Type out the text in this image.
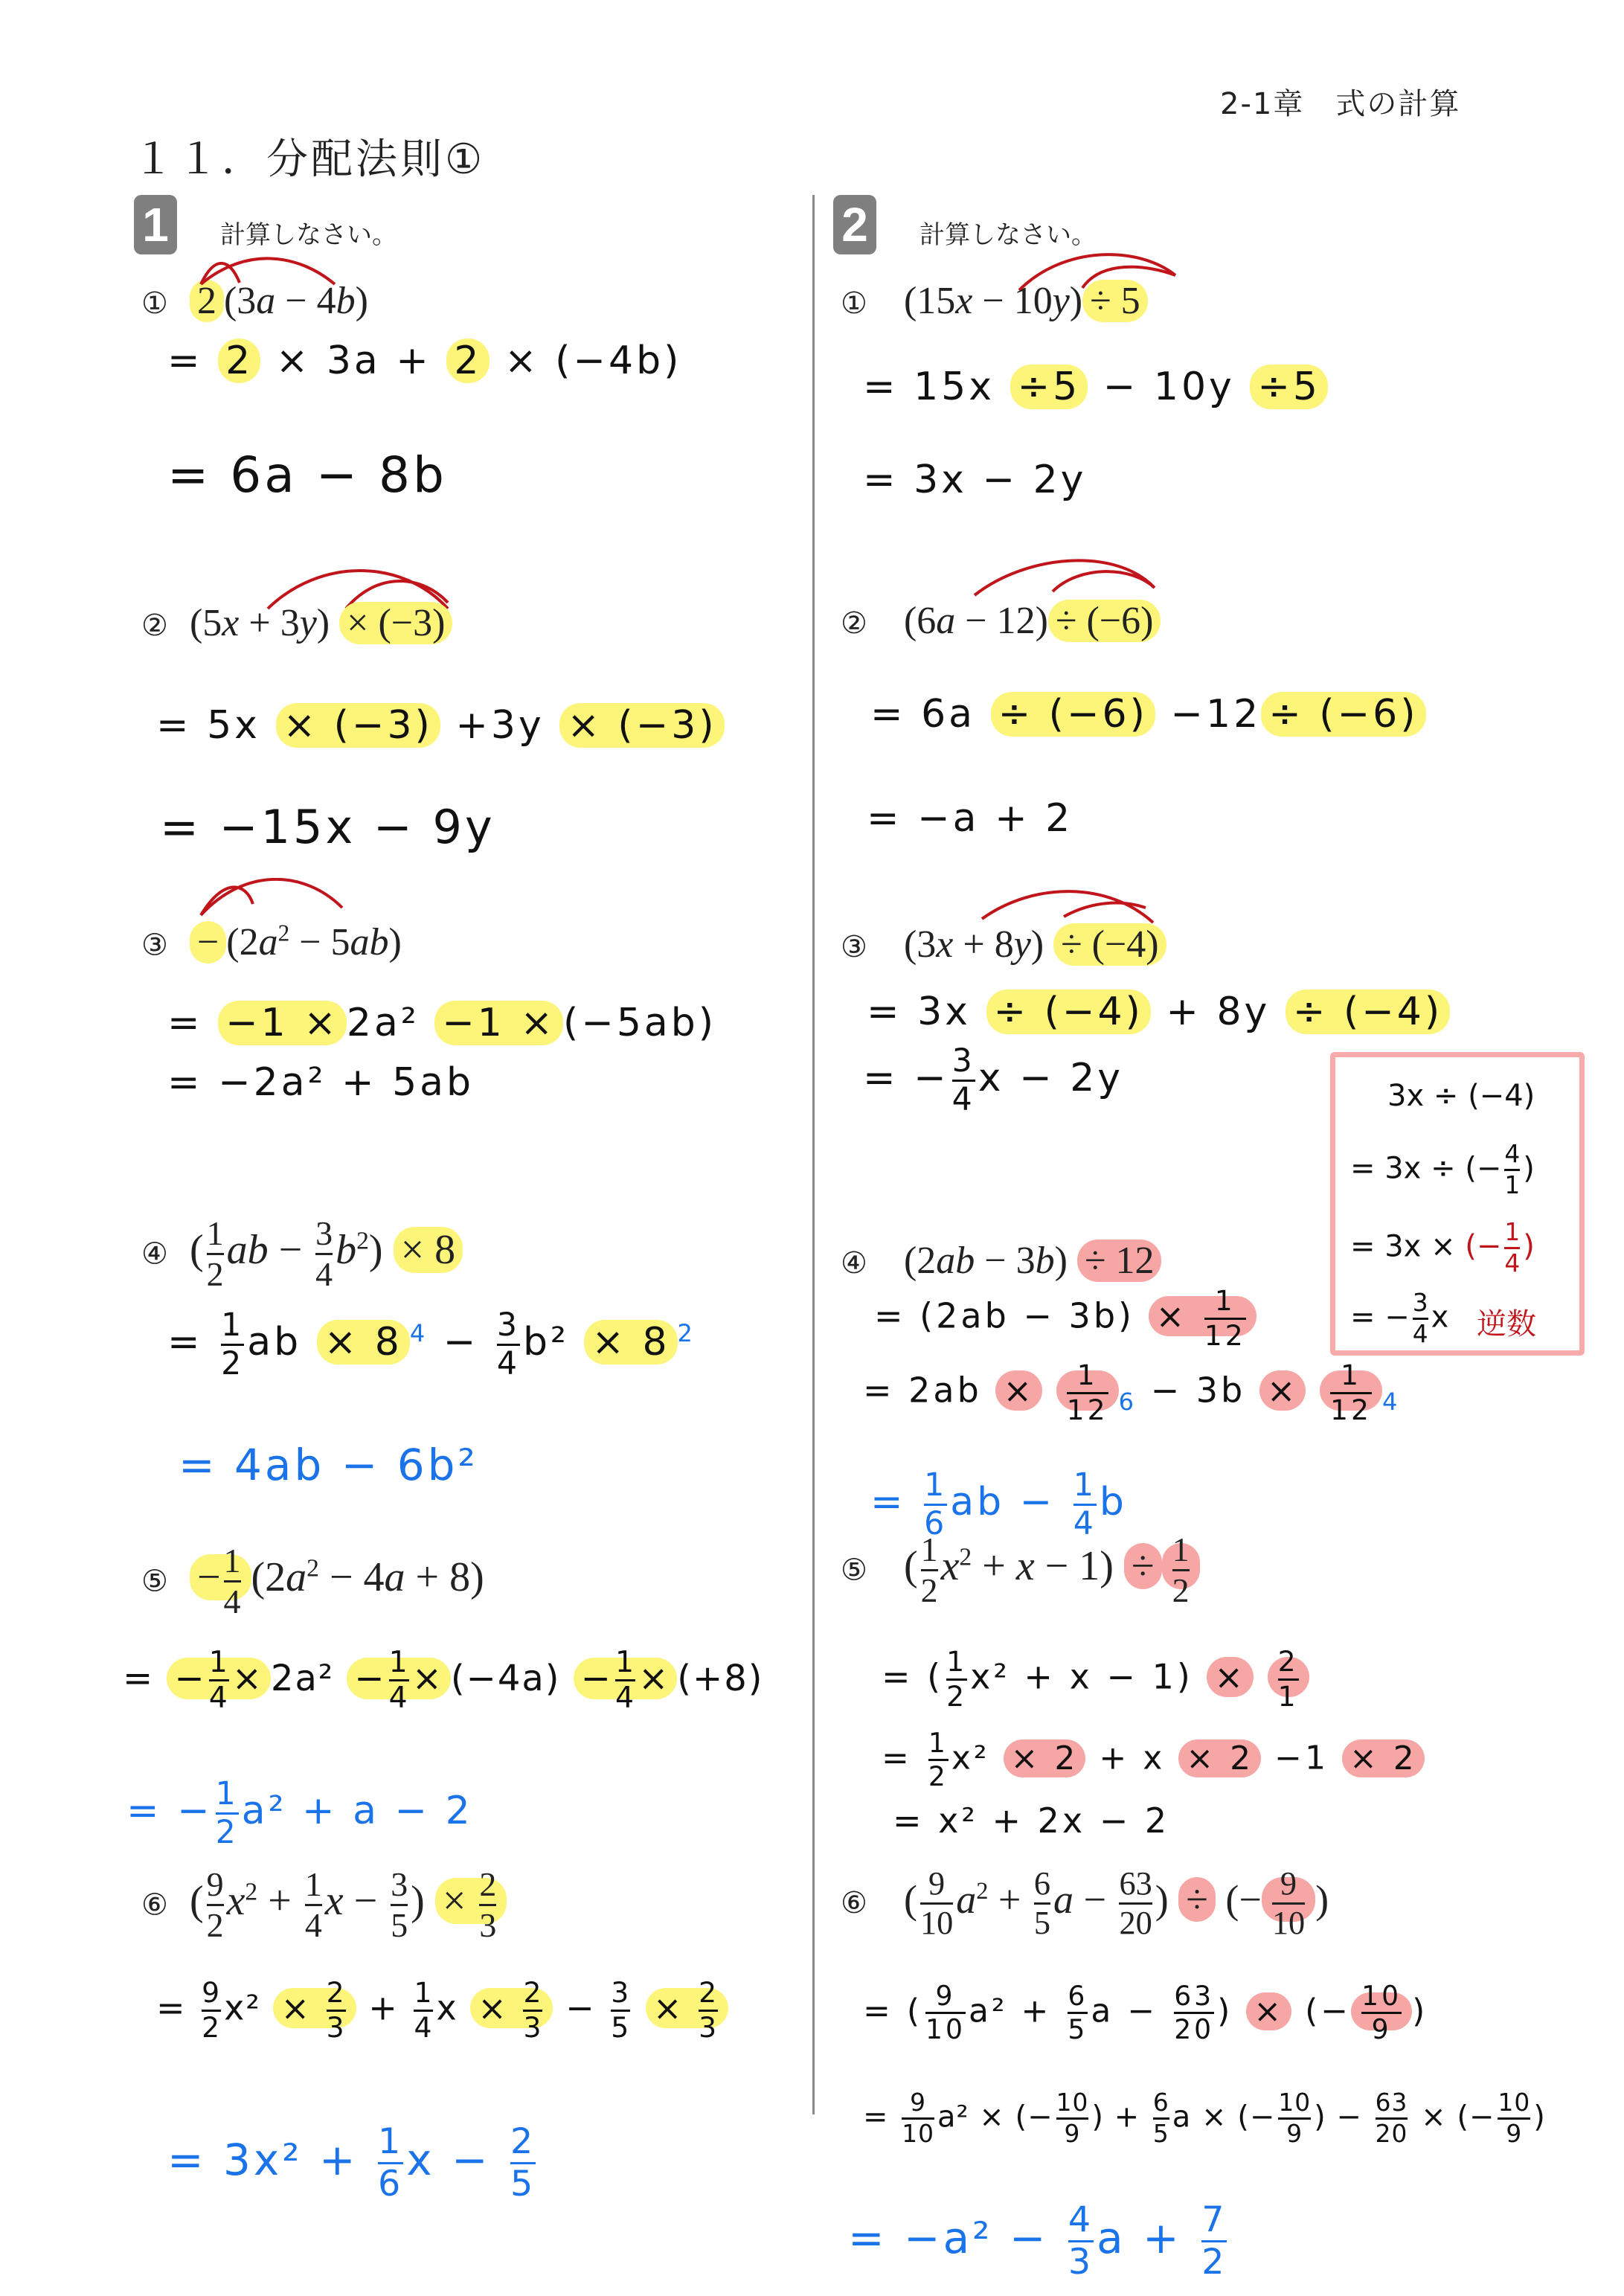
2-1章　式の計算
１１．分配法則①
1	計算しなさい。	2	計算しなさい。
① 2 (3a − 4b)
= 2 × 3a + 2 × (−4b)
= 6a − 8b
② (5x + 3y) × (−3)
= 5x × (−3) +3y × (−3)
= −15x − 9y
③ − $(2a^2 - 5ab)$
= −1 × 2a² −1 × (−5ab)
= −2a² + 5ab
④ ( $\frac{1}{2}$ ab − $\frac{3}{4} b^2) \times 8$
= $\frac{1}{2}$ ab × 8 $^4 - \frac{3}{4} b^2 \times 8$ $^2$
= 4ab − 6b²
⑤ − $\frac{1}{4} (2a^2 - 4a + 8)$
= − $\frac{1}{4} \times 2a^2 - \frac{1}{4} \times (-4a) - \frac{1}{4} \times (+8)$
= − $\frac{1}{2} a^2 + a - 2$
⑥ ( $\frac{9}{2} x^2 + \frac{1}{4}$ $x - \frac{3}{5}$ ) × $\frac{2}{3}$
= $\frac{9}{2} x^2 \times \frac{2}{3} + \frac{1}{4}$ $x \times \frac{2}{3} - \frac{3}{5} \times \frac{2}{3}$
= $3x^2 + \frac{1}{6}$ $x - \frac{2}{5}$
① (15x − 10y) ÷ 5
= 15x ÷5 − 10y ÷5
= 3x − 2y
② (6a − 12) ÷ (−6)
= 6a ÷ (−6) −12 ÷ (−6)
= −a + 2
③ (3x + 8y) ÷ (−4)
= 3x ÷ (−4) + 8y ÷ (−4)
= − $\frac{3}{4}$ x − 2y	3x ÷ (−4)
= 3x ÷ (− $\frac{4}{1}$ )
= 3x × (− $\frac{1}{4}$ )
= − $\frac{3}{4}$ x 逆数
④ (2ab − 3b) ÷ 12
= $(2ab - 3b) \times \frac{1}{12}$
= $2ab \times \frac{1}{12} _6 - 3b \times \frac{1}{12} _4$
= $\frac{1}{6}$ ab − $\frac{1}{4}$ b
⑤ ( $\frac{1}{2} x^2 + x - 1) \div \frac{1}{2}$
= ( $\frac{1}{2} x^2 + x - 1) \times \frac{2}{1}$
= $\frac{1}{2} x^2 \times 2 + x \times 2 -1 \times 2$
= x² + 2x − 2
⑥ ( $\frac{9}{10} a^2 + \frac{6}{5}$ $a - \frac{63}{20}$ ) ÷ (− $\frac{9}{10}$ )
= ( $\frac{9}{10} a^2 + \frac{6}{5}$ $a - \frac{63}{20}$ ) × (− $\frac{10}{9}$ )
= $\frac{9}{10} a^2$ × (− $\frac{10}{9}$ ) + $\frac{6}{5}$ a × (− $\frac{10}{9}$ ) − $\frac{63}{20}$ × (− $\frac{10}{9}$ )
= $-a^2 - \frac{4}{3}$ $a + \frac{7}{2}$
